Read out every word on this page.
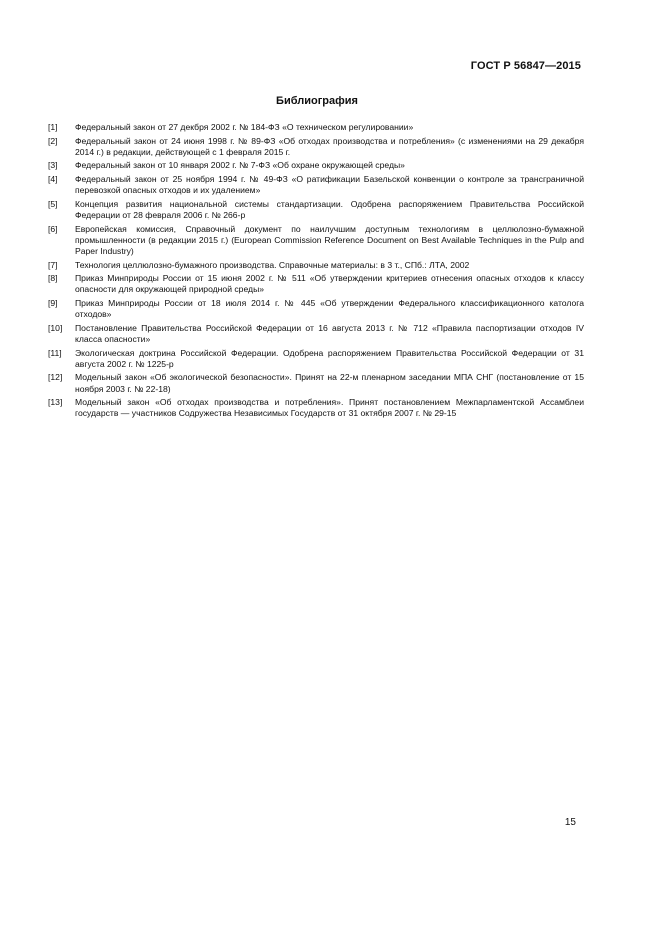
ГОСТ Р 56847—2015
Библиография
[1]	Федеральный закон от 27 декбря 2002 г. № 184-ФЗ «О техническом регулировании»
[2]	Федеральный закон от 24 июня 1998 г. № 89-ФЗ «Об отходах производства и потребления» (с изменениями на 29 декабря 2014 г.) в редакции, действующей с 1 февраля 2015 г.
[3]	Федеральный закон от 10 января 2002 г. № 7-ФЗ «Об охране окружающей среды»
[4]	Федеральный закон от 25 ноября 1994 г. № 49-ФЗ «О ратификации Базельской конвенции о контроле за трансграничной перевозкой опасных отходов и их удалением»
[5]	Концепция развития национальной системы стандартизации. Одобрена распоряжением Правительства Российской Федерации от 28 февраля 2006 г. № 266-р
[6]	Европейская комиссия, Справочный документ по наилучшим доступным технологиям в целлюлозно-бумажной промышленности (в редакции 2015 г.) (European Commission Reference Document on Best Available Techniques in the Pulp and Paper Industry)
[7]	Технология целлюлозно-бумажного производства. Справочные материалы: в 3 т., СПб.: ЛТА, 2002
[8]	Приказ Минприроды России от 15 июня 2002 г. № 511 «Об утверждении критериев отнесения опасных отходов к классу опасности для окружающей природной среды»
[9]	Приказ Минприроды России от 18 июля 2014 г. № 445 «Об утверждении Федерального классификационного католога отходов»
[10]	Постановление Правительства Российской Федерации от 16 августа 2013 г. № 712 «Правила паспортизации отходов IV класса опасности»
[11]	Экологическая доктрина Российской Федерации. Одобрена распоряжением Правительства Российской Федерации от 31 августа 2002 г. № 1225-р
[12]	Модельный закон «Об экологической безопасности». Принят на 22-м пленарном заседании МПА СНГ (постановление от 15 ноября 2003 г. № 22-18)
[13]	Модельный закон «Об отходах производства и потребления». Принят постановлением Межпарламентской Ассамблеи государств — участников Содружества Независимых Государств от 31 октября 2007 г. № 29-15
15
